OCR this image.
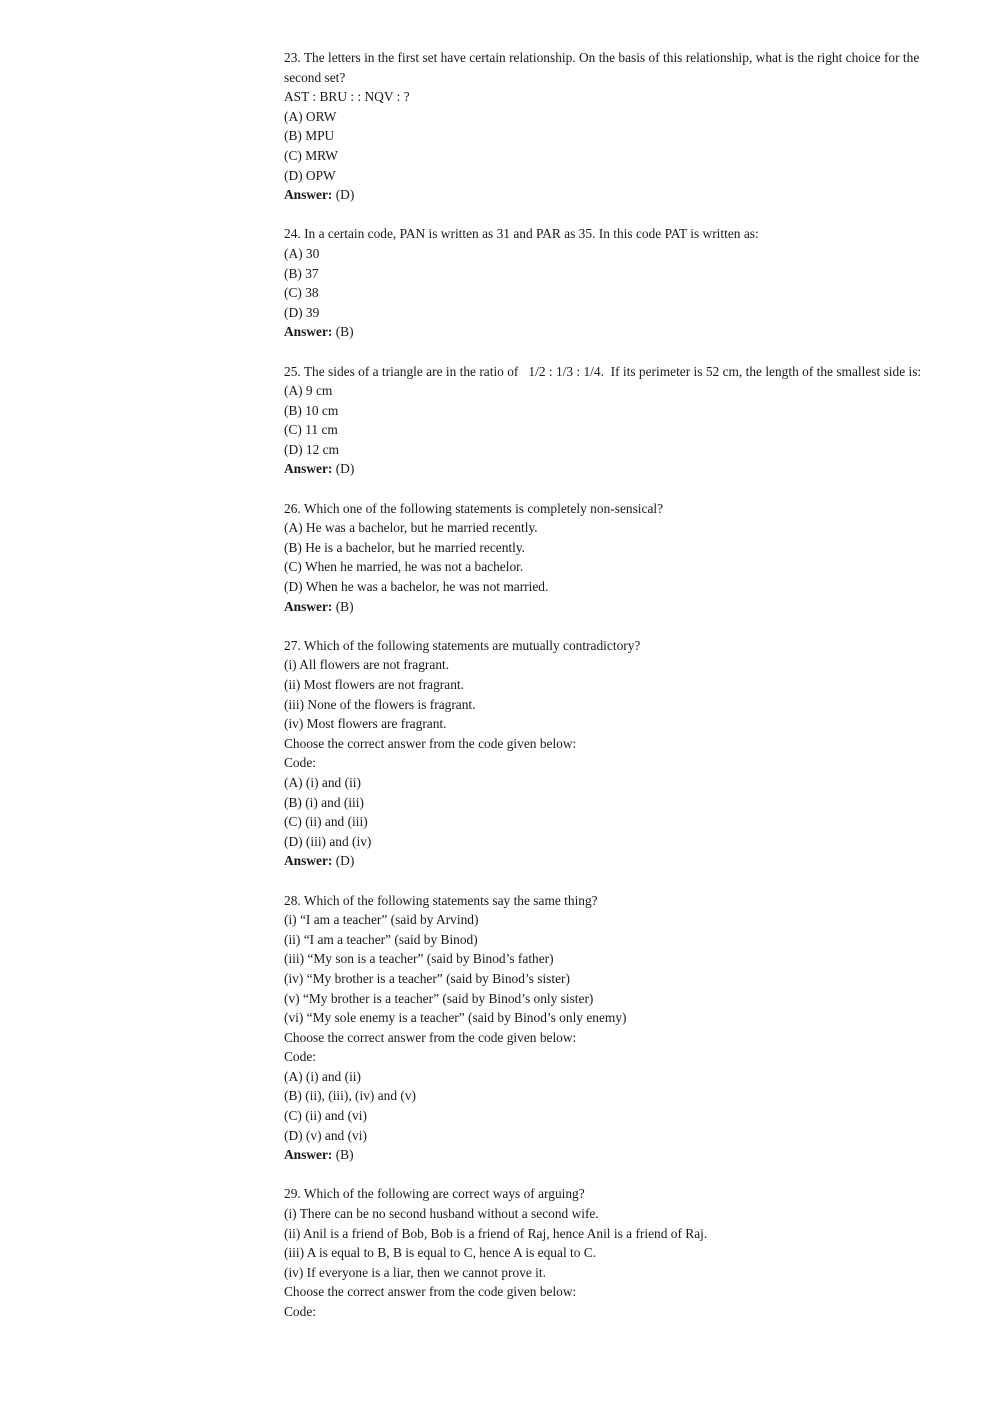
23. The letters in the first set have certain relationship. On the basis of this relationship, what is the right choice for the second set?
AST : BRU : : NQV : ?
(A) ORW
(B) MPU
(C) MRW
(D) OPW
Answer: (D)
24. In a certain code, PAN is written as 31 and PAR as 35. In this code PAT is written as:
(A) 30
(B) 37
(C) 38
(D) 39
Answer: (B)
25. The sides of a triangle are in the ratio of   1/2 : 1/3 : 1/4.  If its perimeter is 52 cm, the length of the smallest side is:
(A) 9 cm
(B) 10 cm
(C) 11 cm
(D) 12 cm
Answer: (D)
26. Which one of the following statements is completely non-sensical?
(A) He was a bachelor, but he married recently.
(B) He is a bachelor, but he married recently.
(C) When he married, he was not a bachelor.
(D) When he was a bachelor, he was not married.
Answer: (B)
27. Which of the following statements are mutually contradictory?
(i) All flowers are not fragrant.
(ii) Most flowers are not fragrant.
(iii) None of the flowers is fragrant.
(iv) Most flowers are fragrant.
Choose the correct answer from the code given below:
Code:
(A) (i) and (ii)
(B) (i) and (iii)
(C) (ii) and (iii)
(D) (iii) and (iv)
Answer: (D)
28. Which of the following statements say the same thing?
(i) “I am a teacher” (said by Arvind)
(ii) “I am a teacher” (said by Binod)
(iii) “My son is a teacher” (said by Binod’s father)
(iv) “My brother is a teacher” (said by Binod’s sister)
(v) “My brother is a teacher” (said by Binod’s only sister)
(vi) “My sole enemy is a teacher” (said by Binod’s only enemy)
Choose the correct answer from the code given below:
Code:
(A) (i) and (ii)
(B) (ii), (iii), (iv) and (v)
(C) (ii) and (vi)
(D) (v) and (vi)
Answer: (B)
29. Which of the following are correct ways of arguing?
(i) There can be no second husband without a second wife.
(ii) Anil is a friend of Bob, Bob is a friend of Raj, hence Anil is a friend of Raj.
(iii) A is equal to B, B is equal to C, hence A is equal to C.
(iv) If everyone is a liar, then we cannot prove it.
Choose the correct answer from the code given below:
Code:
